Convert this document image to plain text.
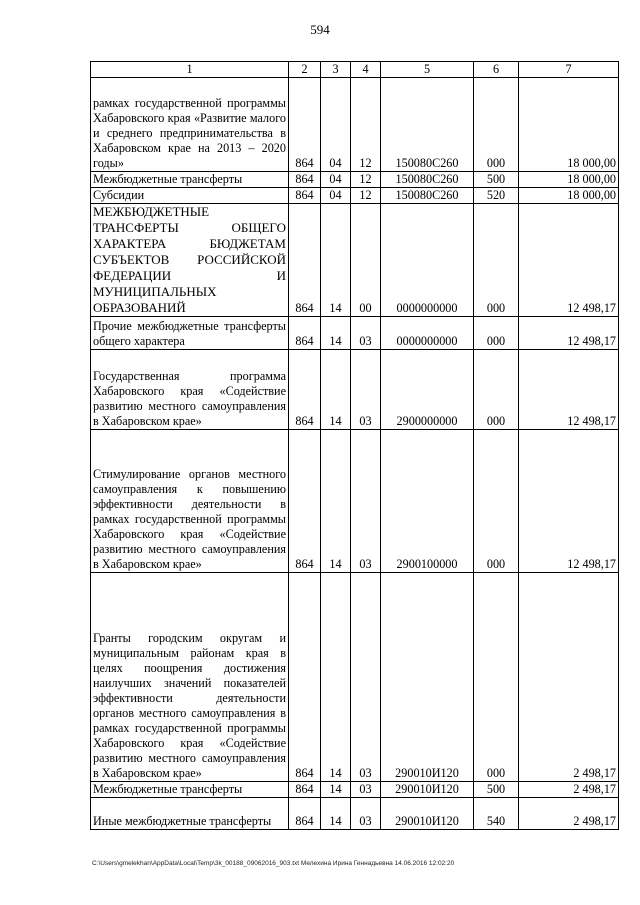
594
1	2	3	4	5	6	7
рамках государственной программы Хабаровского края «Развитие малого и среднего предпринимательства в Хабаровском крае на 2013 – 2020 годы»	864	04	12	150080С260	000	18 000,00
Межбюджетные трансферты	864	04	12	150080С260	500	18 000,00
Субсидии	864	04	12	150080С260	520	18 000,00
МЕЖБЮДЖЕТНЫЕ ТРАНСФЕРТЫ ОБЩЕГО ХАРАКТЕРА БЮДЖЕТАМ СУБЪЕКТОВ РОССИЙСКОЙ ФЕДЕРАЦИИ И МУНИЦИПАЛЬНЫХ ОБРАЗОВАНИЙ	864	14	00	0000000000	000	12 498,17
Прочие межбюджетные трансферты общего характера	864	14	03	0000000000	000	12 498,17
Государственная программа Хабаровского края «Содействие развитию местного самоуправления в Хабаровском крае»	864	14	03	2900000000	000	12 498,17
Стимулирование органов местного самоуправления к повышению эффективности деятельности в рамках государственной программы Хабаровского края «Содействие развитию местного самоуправления в Хабаровском крае»	864	14	03	2900100000	000	12 498,17
Гранты городским округам и муниципальным районам края в целях поощрения достижения наилучших значений показателей эффективности деятельности органов местного самоуправления в рамках государственной программы Хабаровского края «Содействие развитию местного самоуправления в Хабаровском крае»	864	14	03	290010И120	000	2 498,17
Межбюджетные трансферты	864	14	03	290010И120	500	2 498,17
Иные межбюджетные трансферты	864	14	03	290010И120	540	2 498,17
C:\Users\gmelekhan\AppData\Local\Temp\3k_00188_09062016_903.txt Мелехина Ирина Геннадьевна 14.06.2016 12:02:20
